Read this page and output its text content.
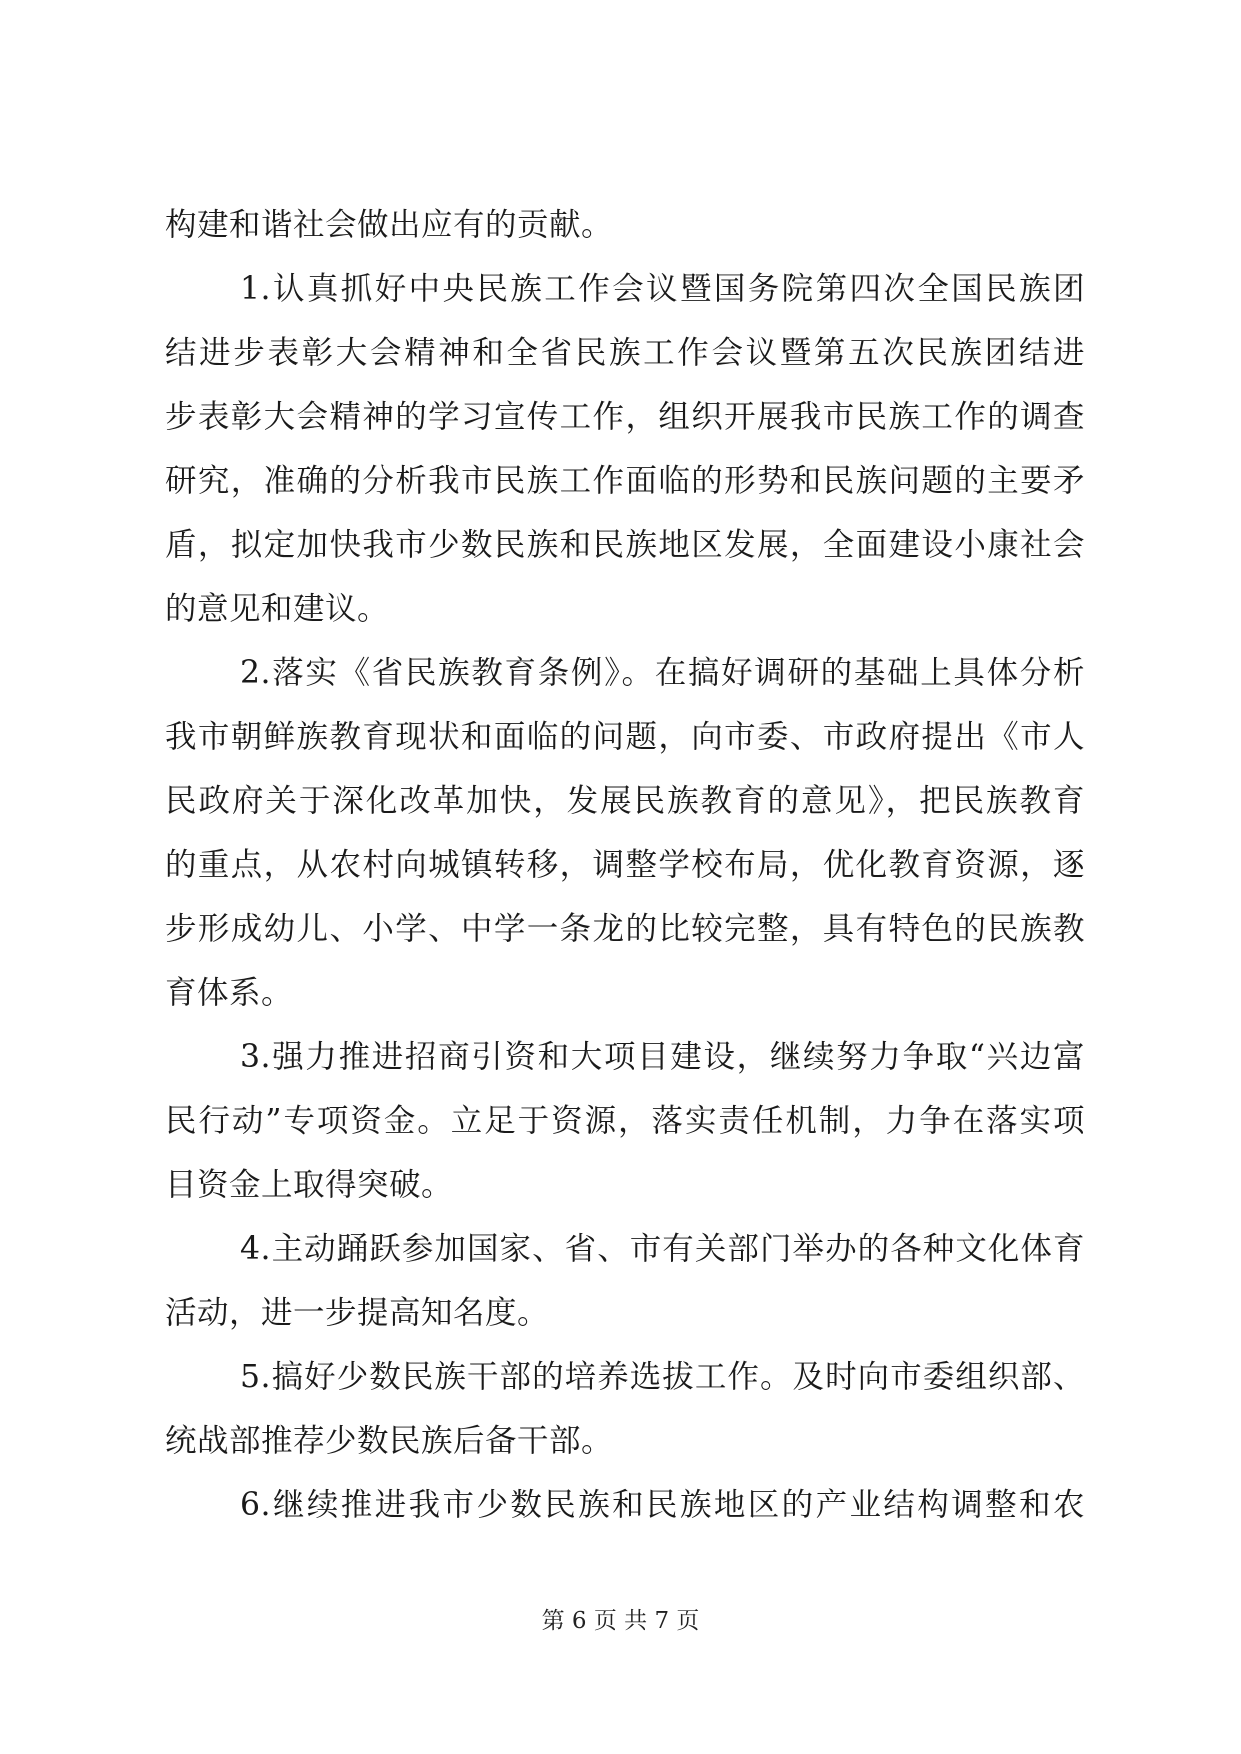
构建和谐社会做出应有的贡献。
1.认真抓好中央民族工作会议暨国务院第四次全国民族团
结进步表彰大会精神和全省民族工作会议暨第五次民族团结进
步表彰大会精神的学习宣传工作，组织开展我市民族工作的调查
研究，准确的分析我市民族工作面临的形势和民族问题的主要矛
盾，拟定加快我市少数民族和民族地区发展，全面建设小康社会
的意见和建议。
2.落实《省民族教育条例》。在搞好调研的基础上具体分析
我市朝鲜族教育现状和面临的问题，向市委、市政府提出《市人
民政府关于深化改革加快，发展民族教育的意见》，把民族教育
的重点，从农村向城镇转移，调整学校布局，优化教育资源，逐
步形成幼儿、小学、中学一条龙的比较完整，具有特色的民族教
育体系。
3.强力推进招商引资和大项目建设，继续努力争取“兴边富
民行动”专项资金。立足于资源，落实责任机制，力争在落实项
目资金上取得突破。
4.主动踊跃参加国家、省、市有关部门举办的各种文化体育
活动，进一步提高知名度。
5.搞好少数民族干部的培养选拔工作。及时向市委组织部、
统战部推荐少数民族后备干部。
6.继续推进我市少数民族和民族地区的产业结构调整和农
第 6 页 共 7 页
